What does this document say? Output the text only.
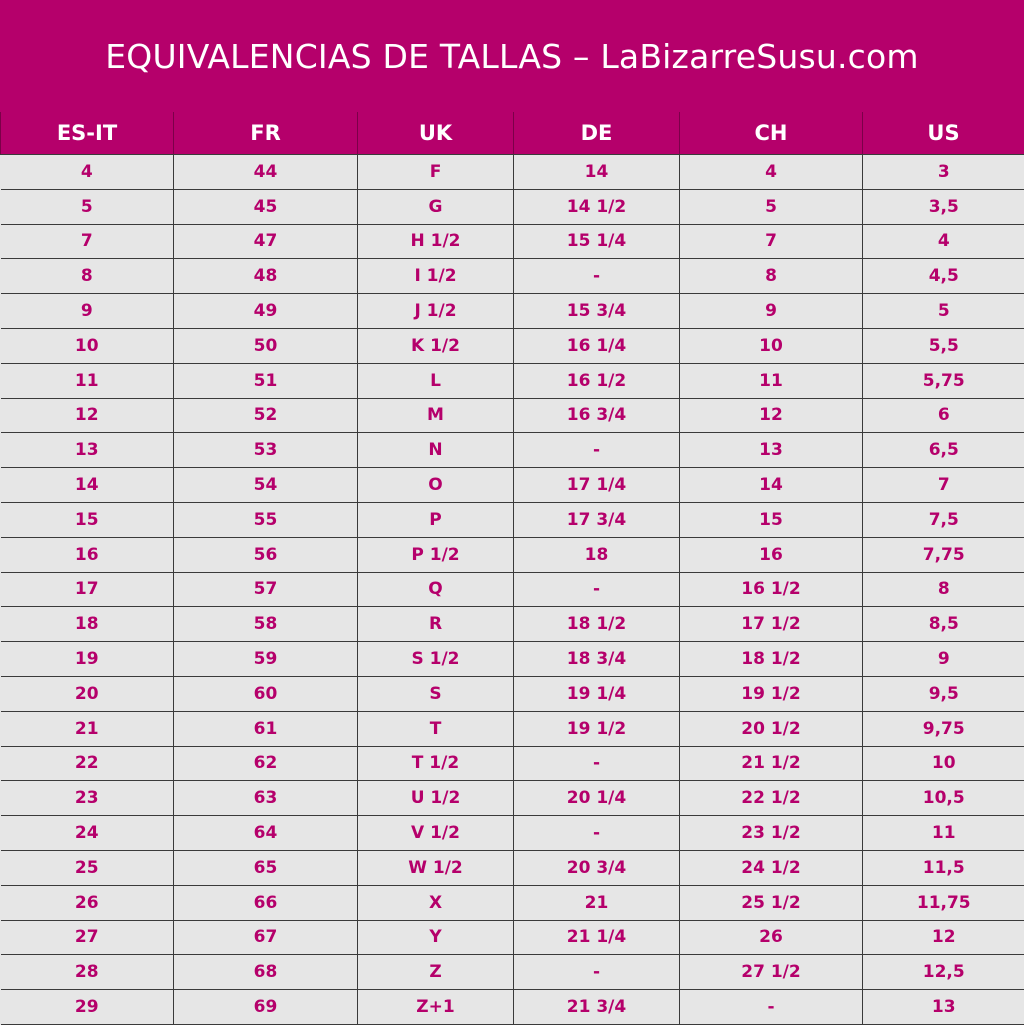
EQUIVALENCIAS DE TALLAS – LaBizarreSusu.com
ES-IT	FR	UK	DE	CH	US
4	44	F	14	4	3
5	45	G	14 1/2	5	3,5
7	47	H 1/2	15 1/4	7	4
8	48	I 1/2	-	8	4,5
9	49	J 1/2	15 3/4	9	5
10	50	K 1/2	16 1/4	10	5,5
11	51	L	16 1/2	11	5,75
12	52	M	16 3/4	12	6
13	53	N	-	13	6,5
14	54	O	17 1/4	14	7
15	55	P	17 3/4	15	7,5
16	56	P 1/2	18	16	7,75
17	57	Q	-	16 1/2	8
18	58	R	18 1/2	17 1/2	8,5
19	59	S 1/2	18 3/4	18 1/2	9
20	60	S	19 1/4	19 1/2	9,5
21	61	T	19 1/2	20 1/2	9,75
22	62	T 1/2	-	21 1/2	10
23	63	U 1/2	20 1/4	22 1/2	10,5
24	64	V 1/2	-	23 1/2	11
25	65	W 1/2	20 3/4	24 1/2	11,5
26	66	X	21	25 1/2	11,75
27	67	Y	21 1/4	26	12
28	68	Z	-	27 1/2	12,5
29	69	Z+1	21 3/4	-	13
